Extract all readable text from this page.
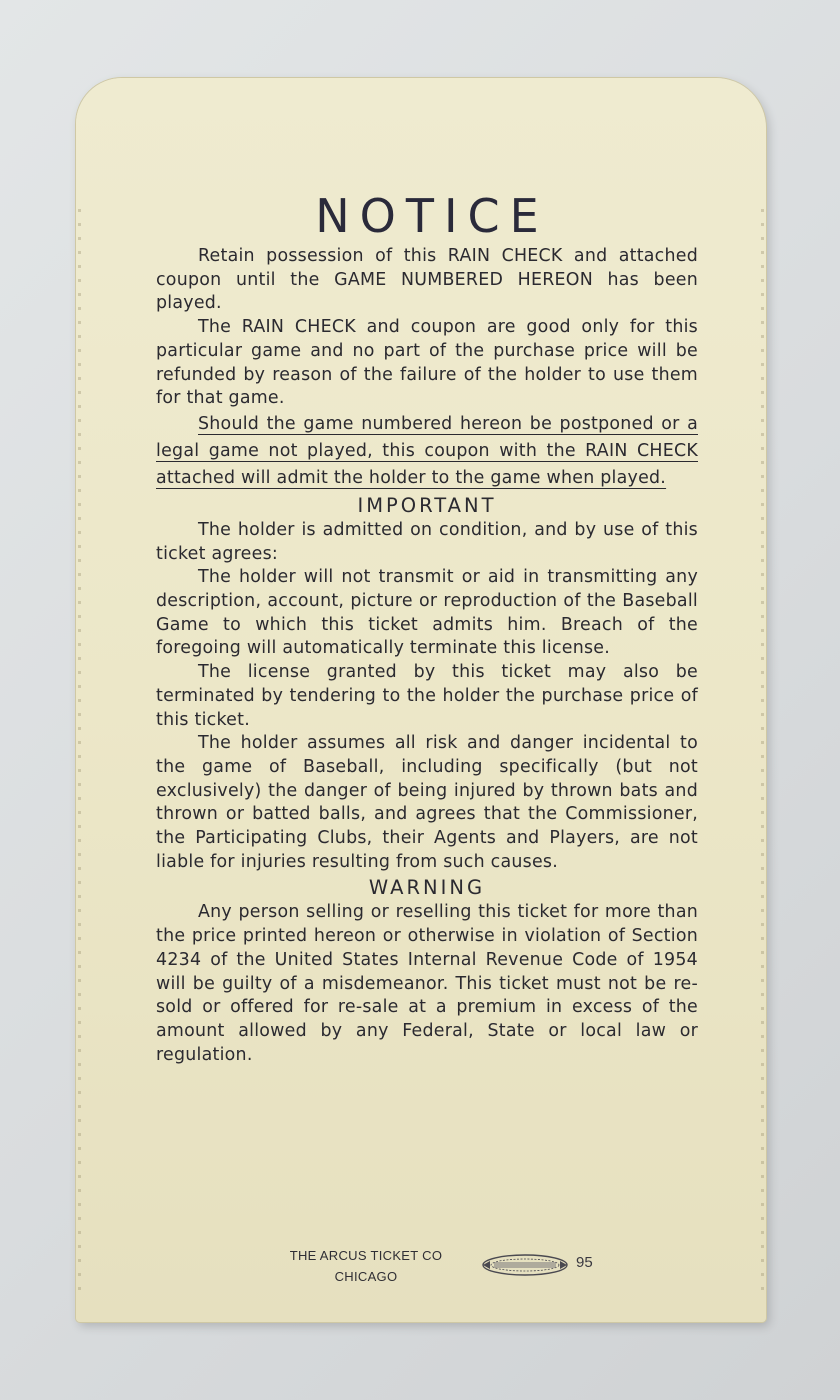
NOTICE

Retain possession of this RAIN CHECK and attached coupon until the GAME NUMBERED HEREON has been played.

The RAIN CHECK and coupon are good only for this particular game and no part of the purchase price will be refunded by reason of the failure of the holder to use them for that game.

Should the game numbered hereon be postponed or a legal game not played, this coupon with the RAIN CHECK attached will admit the holder to the game when played.

IMPORTANT

The holder is admitted on condition, and by use of this ticket agrees:

The holder will not transmit or aid in transmitting any description, account, picture or reproduction of the Baseball Game to which this ticket admits him. Breach of the foregoing will automatically terminate this license.

The license granted by this ticket may also be terminated by tendering to the holder the purchase price of this ticket.

The holder assumes all risk and danger incidental to the game of Baseball, including specifically (but not exclusively) the danger of being injured by thrown bats and thrown or batted balls, and agrees that the Commissioner, the Participating Clubs, their Agents and Players, are not liable for injuries resulting from such causes.

WARNING

Any person selling or reselling this ticket for more than the price printed hereon or otherwise in violation of Section 4234 of the United States Internal Revenue Code of 1954 will be guilty of a misdemeanor. This ticket must not be re-sold or offered for re-sale at a premium in excess of the amount allowed by any Federal, State or local law or regulation.

THE ARCUS TICKET CO
CHICAGO
95
